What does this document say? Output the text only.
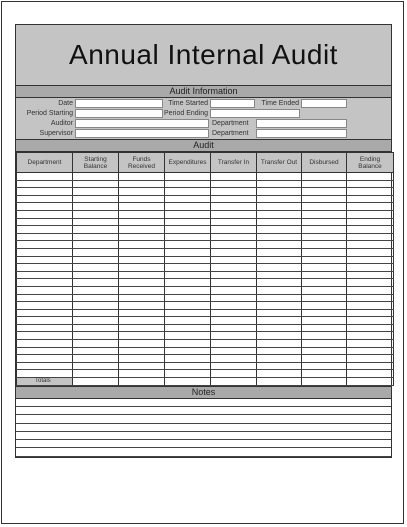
Annual Internal Audit
Audit Information
Date	Time Started	Time Ended
Period Starting	Period Ending
Auditor	Department
Supervisor	Department
Audit
Department	Starting Balance	Funds Received	Expenditures	Transfer In	Transfer Out	Disbursed	Ending Balance

Totals							
Notes
